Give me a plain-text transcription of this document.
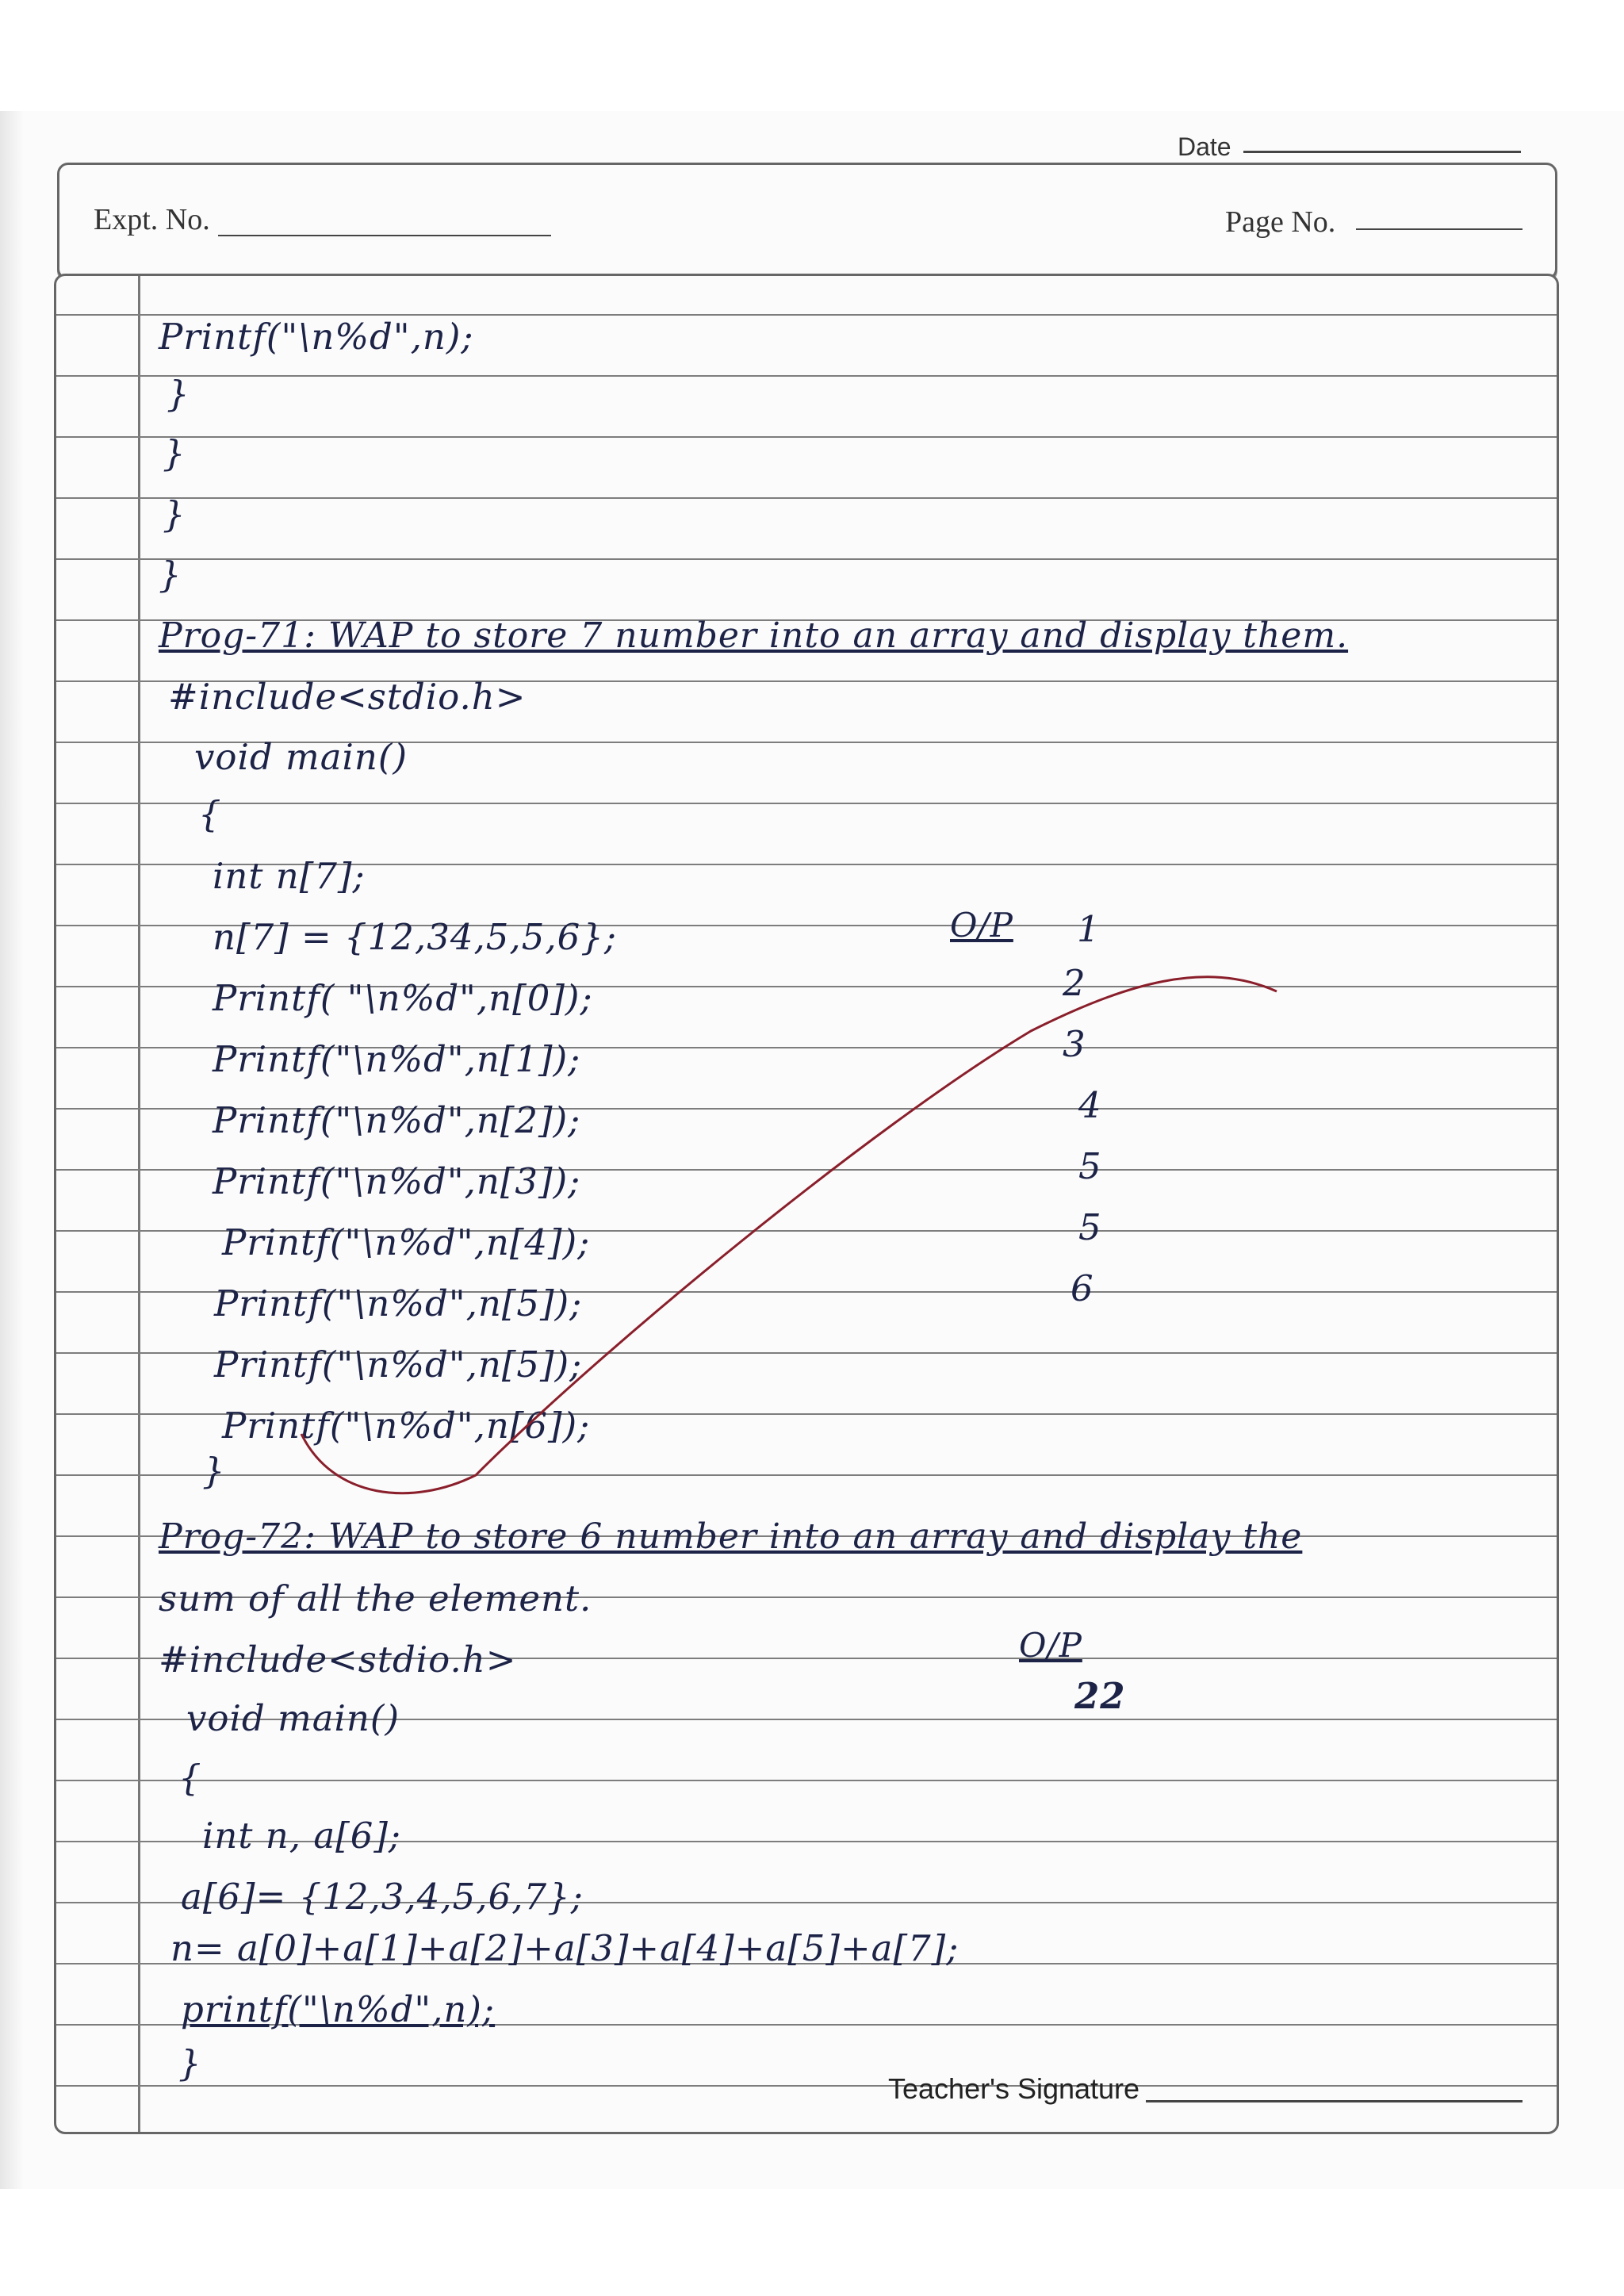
Date
Expt. No.	Page No.
Printf("\n%d",n);
}
}
}
}
Prog-71: WAP to store 7 number into an array and display them.
#include<stdio.h>
void main()
{
int n[7];
n[7] = {12,34,5,5,6};
Printf( "\n%d",n[0]);
Printf("\n%d",n[1]);
Printf("\n%d",n[2]);
Printf("\n%d",n[3]);
Printf("\n%d",n[4]);
Printf("\n%d",n[5]);
Printf("\n%d",n[5]);
Printf("\n%d",n[6]);
}
Prog-72: WAP to store 6 number into an array and display the
sum of all the element.
#include<stdio.h>
void main()
{
int n, a[6];
a[6]= {12,3,4,5,6,7};
n= a[0]+a[1]+a[2]+a[3]+a[4]+a[5]+a[7];
printf("\n%d",n);
}
O/P 1
2
3
4
5
5
6
O/P
22
Teacher's Signature
